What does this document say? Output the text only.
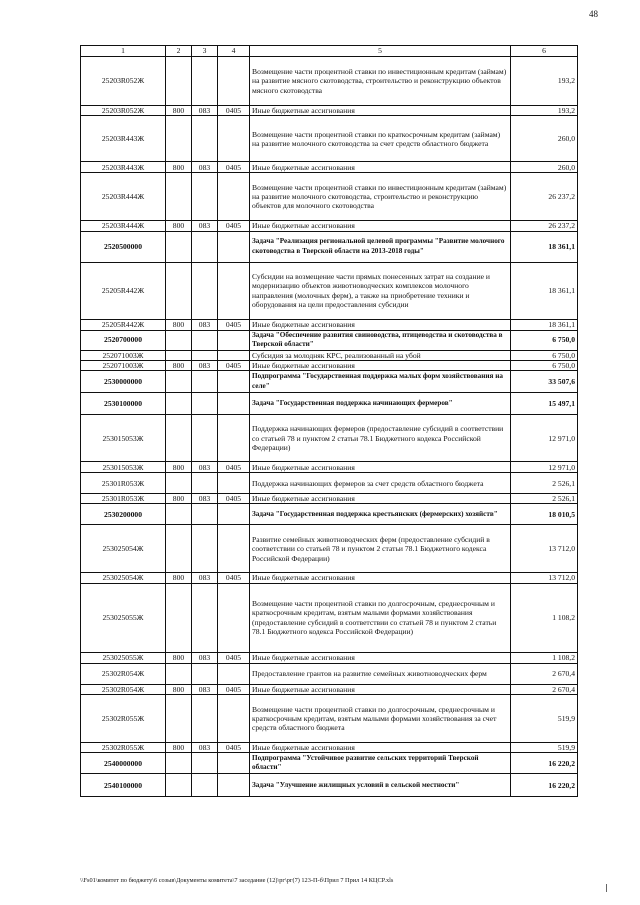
48
1	2	3	4	5	6
25203R052Ж				Возмещение части процентной ставки по инвестиционным кредитам (займам) на развитие мясного скотоводства, строительство и реконструкцию объектов мясного скотоводства	193,2
25203R052Ж	800	083	0405	Иные бюджетные ассигнования	193,2
25203R443Ж				Возмещение части процентной ставки по краткосрочным кредитам (займам) на развитие молочного скотоводства за счет средств областного бюджета	260,0
25203R443Ж	800	083	0405	Иные бюджетные ассигнования	260,0
25203R444Ж				Возмещение части процентной ставки по инвестиционным кредитам (займам) на развитие молочного скотоводства, строительство и реконструкцию объектов для молочного скотоводства	26 237,2
25203R444Ж	800	083	0405	Иные бюджетные ассигнования	26 237,2
2520500000				Задача "Реализация региональной целевой программы "Развитие молочного скотоводства в Тверской области на 2013-2018 годы"	18 361,1
25205R442Ж				Субсидии на возмещение части прямых понесенных затрат на создание и модернизацию объектов животноводческих комплексов молочного направления (молочных ферм), а также на приобретение техники и оборудования на цели предоставления субсидии	18 361,1
25205R442Ж	800	083	0405	Иные бюджетные ассигнования	18 361,1
2520700000				Задача "Обеспечение развития свиноводства, птицеводства и скотоводства в Тверской области"	6 750,0
252071003Ж				Субсидия за молодняк КРС, реализованный на убой	6 750,0
252071003Ж	800	083	0405	Иные бюджетные ассигнования	6 750,0
2530000000				Подпрограмма "Государственная поддержка малых форм хозяйствования на селе"	33 507,6
2530100000				Задача "Государственная поддержка начинающих фермеров"	15 497,1
253015053Ж				Поддержка начинающих фермеров (предоставление субсидий в соответствии со статьей 78 и пунктом 2 статьи 78.1 Бюджетного кодекса Российской Федерации)	12 971,0
253015053Ж	800	083	0405	Иные бюджетные ассигнования	12 971,0
25301R053Ж				Поддержка начинающих фермеров за счет средств областного бюджета	2 526,1
25301R053Ж	800	083	0405	Иные бюджетные ассигнования	2 526,1
2530200000				Задача "Государственная поддержка крестьянских (фермерских) хозяйств"	18 010,5
253025054Ж				Развитие семейных животноводческих ферм (предоставление субсидий в соответствии со статьей 78 и пунктом 2 статьи 78.1 Бюджетного кодекса Российской Федерации)	13 712,0
253025054Ж	800	083	0405	Иные бюджетные ассигнования	13 712,0
253025055Ж				Возмещение части процентной ставки по долгосрочным, среднесрочным и краткосрочным кредитам, взятым малыми формами хозяйствования (предоставление субсидий в соответствии со статьей 78 и пунктом 2 статьи 78.1 Бюджетного кодекса Российской Федерации)	1 108,2
253025055Ж	800	083	0405	Иные бюджетные ассигнования	1 108,2
25302R054Ж				Предоставление грантов на развитие семейных животноводческих ферм	2 670,4
25302R054Ж	800	083	0405	Иные бюджетные ассигнования	2 670,4
25302R055Ж				Возмещение части процентной ставки по долгосрочным, среднесрочным и краткосрочным кредитам, взятым малыми формами хозяйствования за счет средств областного бюджета	519,9
25302R055Ж	800	083	0405	Иные бюджетные ассигнования	519,9
2540000000				Подпрограмма "Устойчивое развитие сельских территорий Тверской области"	16 220,2
2540100000				Задача "Улучшение жилищных условий в сельской местности"	16 220,2
\\Fs01\комитет по бюджету\6 созыв\Документы комитета\7 заседание (12)\рг\рг(7) 123-П-б\Прил 7 Прил 14 КЦСР.xls
